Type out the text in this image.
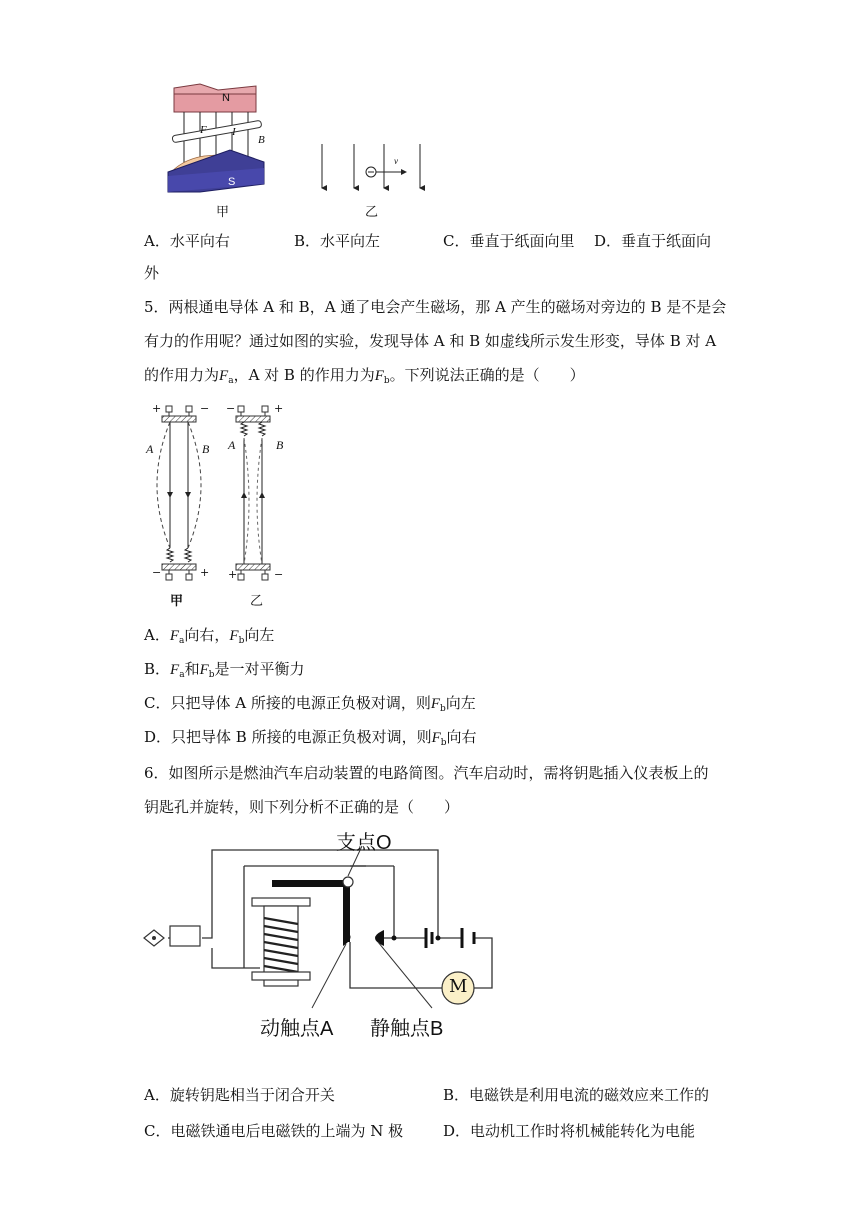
N
F I
B
S
甲
v
乙
A．水平向右	B．水平向左	C．垂直于纸面向里 D．垂直于纸面向
外
5．两根通电导体 A 和 B，A 通了电会产生磁场，那 A 产生的磁场对旁边的 B 是不是会
有力的作用呢？通过如图的实验，发现导体 A 和 B 如虚线所示发生形变，导体 B 对 A
的作用力为$F_a$，A 对 B 的作用力为$F_b$。下列说法正确的是（　　）
+	−
A	B
−	+
甲
−	+
A	B
+	−
乙
A．$F_a$向右，$F_b$向左
B．$F_a$和$F_b$是一对平衡力
C．只把导体 A 所接的电源正负极对调，则$F_b$向左
D．只把导体 B 所接的电源正负极对调，则$F_b$向右
6．如图所示是燃油汽车启动装置的电路简图。汽车启动时，需将钥匙插入仪表板上的
钥匙孔并旋转，则下列分析不正确的是（　　）
支点O
M
动触点A 静触点B
A．旋转钥匙相当于闭合开关	B．电磁铁是利用电流的磁效应来工作的
C．电磁铁通电后电磁铁的上端为 N 极	D．电动机工作时将机械能转化为电能
